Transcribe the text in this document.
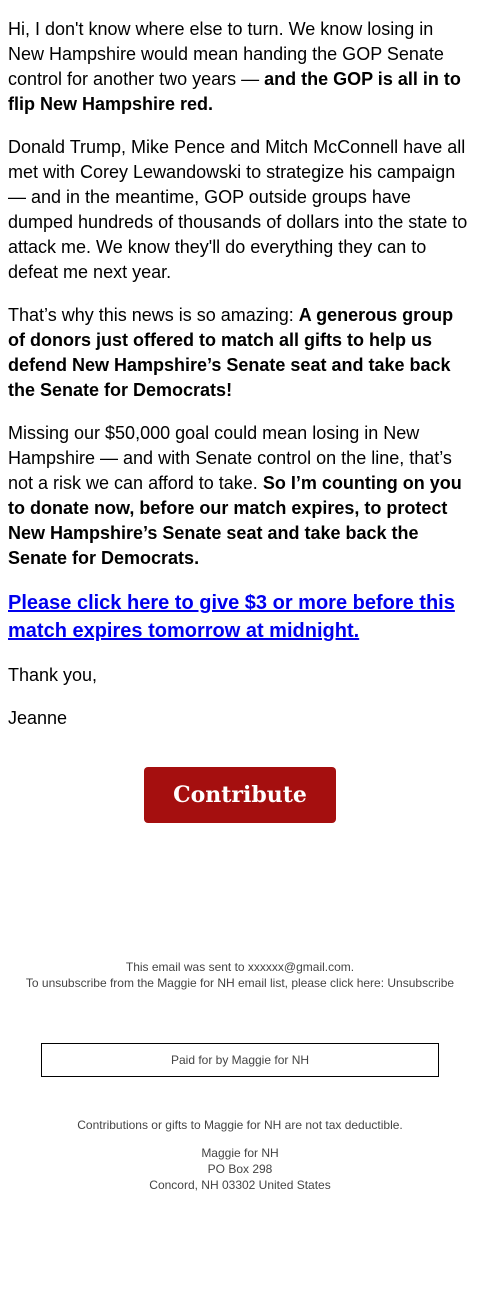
Hi, I don't know where else to turn. We know losing in New Hampshire would mean handing the GOP Senate control for another two years — and the GOP is all in to flip New Hampshire red.

Donald Trump, Mike Pence and Mitch McConnell have all met with Corey Lewandowski to strategize his campaign — and in the meantime, GOP outside groups have dumped hundreds of thousands of dollars into the state to attack me. We know they'll do everything they can to defeat me next year.

That’s why this news is so amazing: A generous group of donors just offered to match all gifts to help us defend New Hampshire’s Senate seat and take back the Senate for Democrats!

Missing our $50,000 goal could mean losing in New Hampshire — and with Senate control on the line, that’s not a risk we can afford to take. So I’m counting on you to donate now, before our match expires, to protect New Hampshire’s Senate seat and take back the Senate for Democrats.

Please click here to give $3 or more before this match expires tomorrow at midnight.

Thank you,

Jeanne

Contribute
This email was sent to xxxxxx@gmail.com.
To unsubscribe from the Maggie for NH email list, please click here: Unsubscribe
Paid for by Maggie for NH
Contributions or gifts to Maggie for NH are not tax deductible.
Maggie for NH
PO Box 298
Concord, NH 03302 United States
